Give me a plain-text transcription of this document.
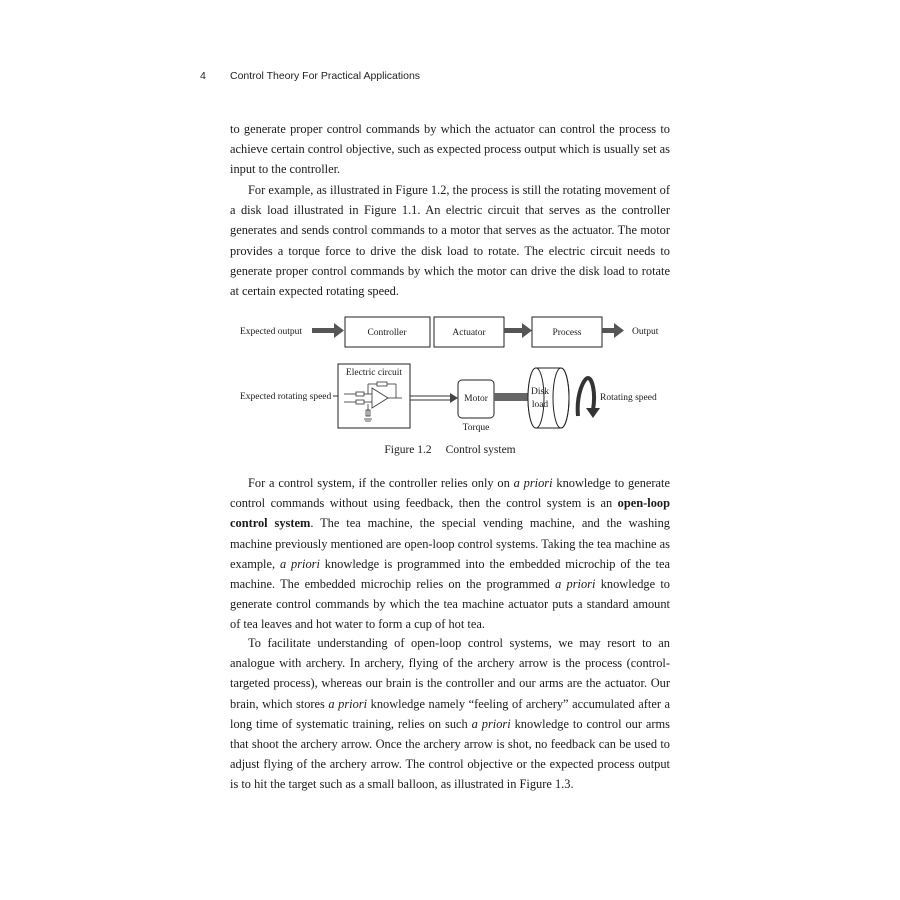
4 Control Theory For Practical Applications

to generate proper control commands by which the actuator can control the process to achieve certain control objective, such as expected process output which is usually set as input to the controller.

For example, as illustrated in Figure 1.2, the process is still the rotating movement of a disk load illustrated in Figure 1.1. An electric circuit that serves as the controller generates and sends control commands to a motor that serves as the actuator. The motor provides a torque force to drive the disk load to rotate. The electric circuit needs to generate proper control commands by which the motor can drive the disk load to rotate at certain expected rotating speed.

Expected output	Controller	Actuator	Process	Output
Expected rotating speed
Electric circuit
Motor
Torque
Disk
load
Rotating speed
Figure 1.2 Control system

For a control system, if the controller relies only on a priori knowledge to generate control commands without using feedback, then the control system is an open-loop control system. The tea machine, the special vending machine, and the washing machine previously mentioned are open-loop control systems. Taking the tea machine as example, a priori knowledge is programmed into the embedded microchip of the tea machine. The embedded microchip relies on the programmed a priori knowledge to generate control commands by which the tea machine actuator puts a standard amount of tea leaves and hot water to form a cup of hot tea.

To facilitate understanding of open-loop control systems, we may resort to an analogue with archery. In archery, flying of the archery arrow is the process (control-targeted process), whereas our brain is the controller and our arms are the actuator. Our brain, which stores a priori knowledge namely “feeling of archery” accumulated after a long time of systematic training, relies on such a priori knowledge to control our arms that shoot the archery arrow. Once the archery arrow is shot, no feedback can be used to adjust flying of the archery arrow. The control objective or the expected process output is to hit the target such as a small balloon, as illustrated in Figure 1.3.
